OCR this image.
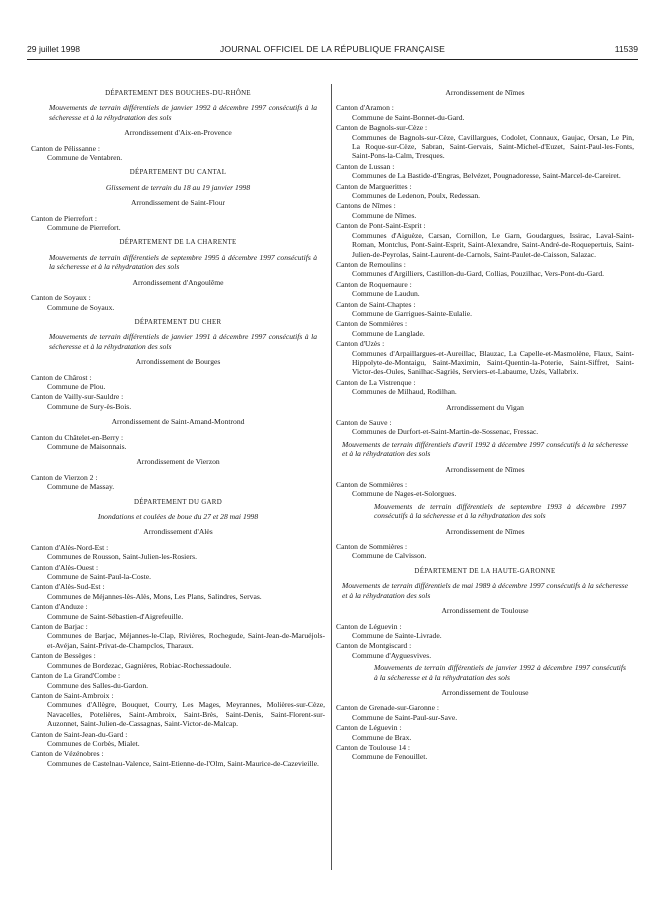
29 juillet 1998	JOURNAL OFFICIEL DE LA RÉPUBLIQUE FRANÇAISE	11539
DÉPARTEMENT DES BOUCHES-DU-RHÔNE
Mouvements de terrain différentiels de janvier 1992 à décembre 1997 consécutifs à la sécheresse et à la réhydratation des sols
Arrondissement d'Aix-en-Provence
Canton de Pélissanne :
Commune de Ventabren.
DÉPARTEMENT DU CANTAL
Glissement de terrain du 18 au 19 janvier 1998
Arrondissement de Saint-Flour
Canton de Pierrefort :
Commune de Pierrefort.
DÉPARTEMENT DE LA CHARENTE
Mouvements de terrain différentiels de septembre 1995 à décembre 1997 consécutifs à la sécheresse et à la réhydratation des sols
Arrondissement d'Angoulême
Canton de Soyaux :
Commune de Soyaux.
DÉPARTEMENT DU CHER
Mouvements de terrain différentiels de janvier 1991 à décembre 1997 consécutifs à la sécheresse et à la réhydratation des sols
Arrondissement de Bourges
Canton de Chârost :
Commune de Plou.
Canton de Vailly-sur-Sauldre :
Commune de Sury-ès-Bois.
Arrondissement de Saint-Amand-Montrond
Canton du Châtelet-en-Berry :
Commune de Maisonnais.
Arrondissement de Vierzon
Canton de Vierzon 2 :
Commune de Massay.
DÉPARTEMENT DU GARD
Inondations et coulées de boue du 27 et 28 mai 1998
Arrondissement d'Alès
Canton d'Alès-Nord-Est :
Communes de Rousson, Saint-Julien-les-Rosiers.
Canton d'Alès-Ouest :
Commune de Saint-Paul-la-Coste.
Canton d'Alès-Sud-Est :
Communes de Méjannes-lès-Alès, Mons, Les Plans, Salindres, Servas.
Canton d'Anduze :
Commune de Saint-Sébastien-d'Aigrefeuille.
Canton de Barjac :
Communes de Barjac, Méjannes-le-Clap, Rivières, Rochegude, Saint-Jean-de-Maruéjols-et-Avéjan, Saint-Privat-de-Champclos, Tharaux.
Canton de Bessèges :
Communes de Bordezac, Gagnières, Robiac-Rochessadoule.
Canton de La Grand'Combe :
Commune des Salles-du-Gardon.
Canton de Saint-Ambroix :
Communes d'Allègre, Bouquet, Courry, Les Mages, Meyrannes, Molières-sur-Cèze, Navacelles, Potelières, Saint-Ambroix, Saint-Brès, Saint-Denis, Saint-Florent-sur-Auzonnet, Saint-Julien-de-Cassagnas, Saint-Victor-de-Malcap.
Canton de Saint-Jean-du-Gard :
Communes de Corbès, Mialet.
Canton de Vézénobres :
Communes de Castelnau-Valence, Saint-Etienne-de-l'Olm, Saint-Maurice-de-Cazevieille.
Arrondissement de Nîmes
Canton d'Aramon :
Commune de Saint-Bonnet-du-Gard.
Canton de Bagnols-sur-Cèze :
Communes de Bagnols-sur-Cèze, Cavillargues, Codolet, Connaux, Gaujac, Orsan, Le Pin, La Roque-sur-Cèze, Sabran, Saint-Gervais, Saint-Michel-d'Euzet, Saint-Paul-les-Fonts, Saint-Pons-la-Calm, Tresques.
Canton de Lussan :
Communes de La Bastide-d'Engras, Belvézet, Pougnadoresse, Saint-Marcel-de-Careiret.
Canton de Marguerittes :
Communes de Ledenon, Poulx, Redessan.
Cantons de Nîmes :
Commune de Nîmes.
Canton de Pont-Saint-Esprit :
Communes d'Aiguèze, Carsan, Cornillon, Le Garn, Goudargues, Issirac, Laval-Saint-Roman, Montclus, Pont-Saint-Esprit, Saint-Alexandre, Saint-André-de-Roquepertuis, Saint-Julien-de-Peyrolas, Saint-Laurent-de-Carnols, Saint-Paulet-de-Caisson, Salazac.
Canton de Remoulins :
Communes d'Argilliers, Castillon-du-Gard, Collias, Pouzilhac, Vers-Pont-du-Gard.
Canton de Roquemaure :
Commune de Laudun.
Canton de Saint-Chaptes :
Commune de Garrigues-Sainte-Eulalie.
Canton de Sommières :
Commune de Langlade.
Canton d'Uzès :
Communes d'Arpaillargues-et-Aureillac, Blauzac, La Capelle-et-Masmolène, Flaux, Saint-Hippolyte-de-Montaigu, Saint-Maximin, Saint-Quentin-la-Poterie, Saint-Siffret, Saint-Victor-des-Oules, Sanilhac-Sagriès, Serviers-et-Labaume, Uzès, Vallabrix.
Canton de La Vistrenque :
Communes de Milhaud, Rodilhan.
Arrondissement du Vigan
Canton de Sauve :
Communes de Durfort-et-Saint-Martin-de-Sossenac, Fressac.
Mouvements de terrain différentiels d'avril 1992 à décembre 1997 consécutifs à la sécheresse et à la réhydratation des sols
Arrondissement de Nîmes
Canton de Sommières :
Commune de Nages-et-Solorgues.
Mouvements de terrain différentiels de septembre 1993 à décembre 1997 consécutifs à la sécheresse et à la réhydratation des sols
Arrondissement de Nîmes
Canton de Sommières :
Commune de Calvisson.
DÉPARTEMENT DE LA HAUTE-GARONNE
Mouvements de terrain différentiels de mai 1989 à décembre 1997 consécutifs à la sécheresse et à la réhydratation des sols
Arrondissement de Toulouse
Canton de Léguevin :
Commune de Sainte-Livrade.
Canton de Montgiscard :
Commune d'Ayguesvives.
Mouvements de terrain différentiels de janvier 1992 à décembre 1997 consécutifs à la sécheresse et à la réhydratation des sols
Arrondissement de Toulouse
Canton de Grenade-sur-Garonne :
Commune de Saint-Paul-sur-Save.
Canton de Léguevin :
Commune de Brax.
Canton de Toulouse 14 :
Commune de Fenouillet.
